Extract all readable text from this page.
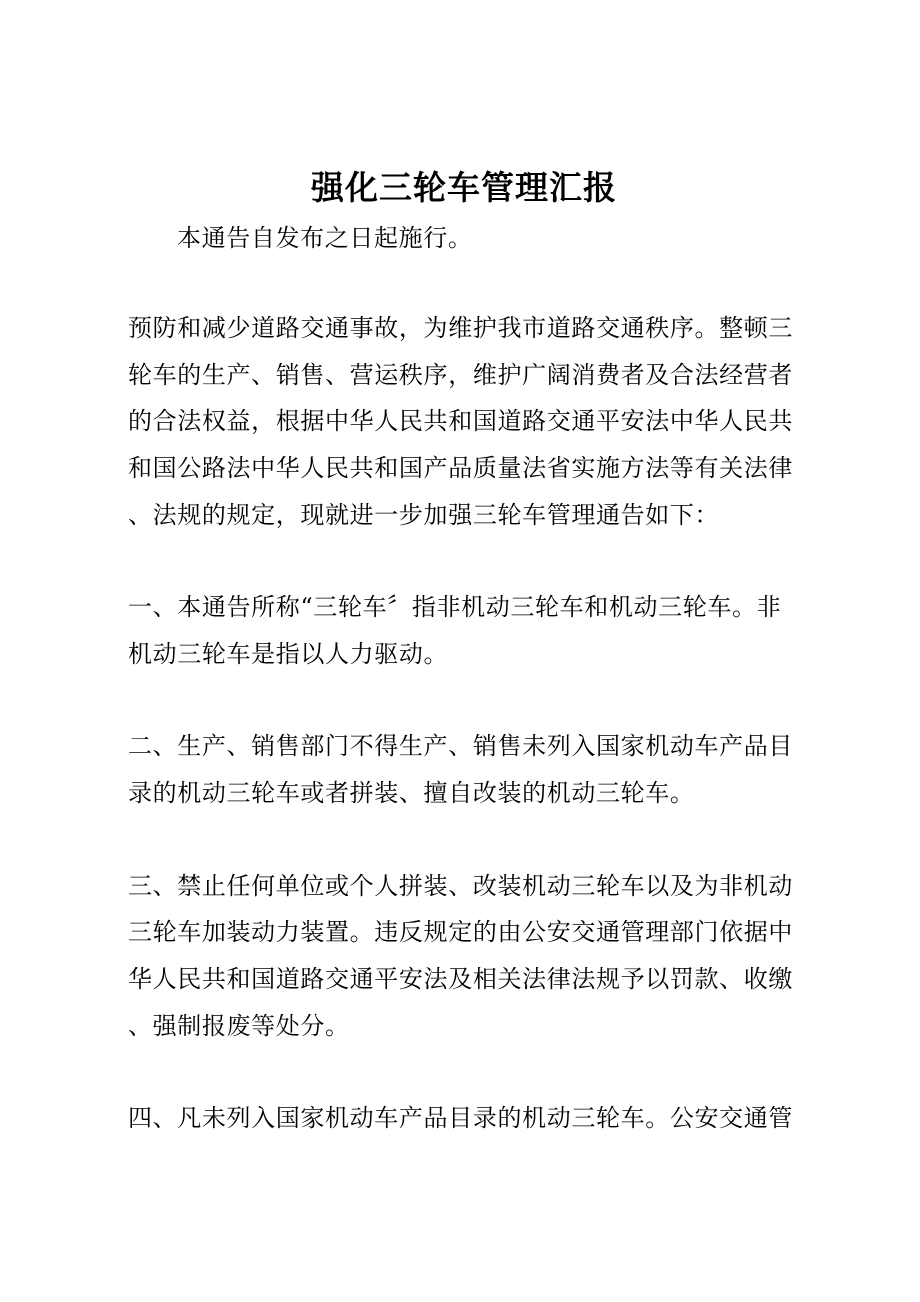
强化三轮车管理汇报
本通告自发布之日起施行。
预防和减少道路交通事故，为维护我市道路交通秩序。整顿三
轮车的生产、销售、营运秩序，维护广阔消费者及合法经营者
的合法权益，根据中华人民共和国道路交通平安法中华人民共
和国公路法中华人民共和国产品质量法省实施方法等有关法律
、法规的规定，现就进一步加强三轮车管理通告如下：
一、本通告所称“三轮车〞指非机动三轮车和机动三轮车。非
机动三轮车是指以人力驱动。
二、生产、销售部门不得生产、销售未列入国家机动车产品目
录的机动三轮车或者拼装、擅自改装的机动三轮车。
三、禁止任何单位或个人拼装、改装机动三轮车以及为非机动
三轮车加装动力装置。违反规定的由公安交通管理部门依据中
华人民共和国道路交通平安法及相关法律法规予以罚款、收缴
、强制报废等处分。
四、凡未列入国家机动车产品目录的机动三轮车。公安交通管
